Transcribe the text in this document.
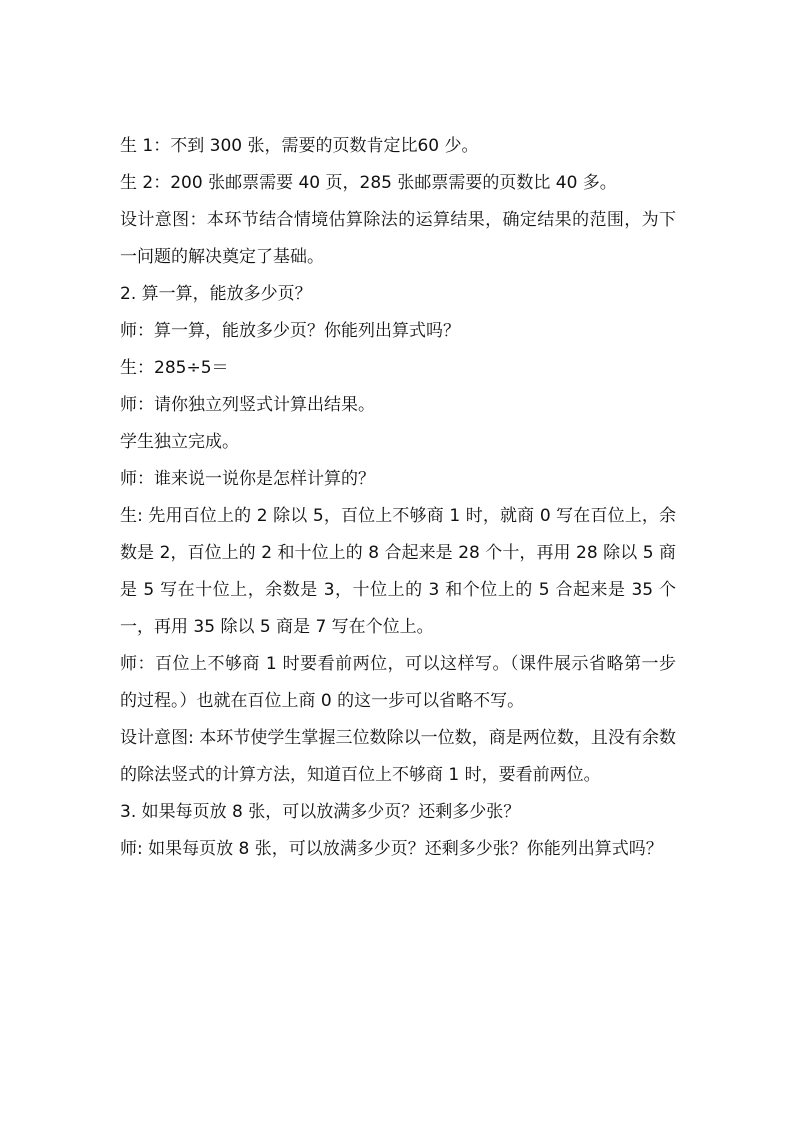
生 1：不到 300 张，需要的页数肯定比60 少。

生 2：200 张邮票需要 40 页，285 张邮票需要的页数比 40 多。

设计意图：本环节结合情境估算除法的运算结果，确定结果的范围，为下一问题的解决奠定了基础。

2. 算一算，能放多少页？

师：算一算，能放多少页？你能列出算式吗？

生：285÷5＝

师：请你独立列竖式计算出结果。

学生独立完成。

师：谁来说一说你是怎样计算的？

生: 先用百位上的 2 除以 5，百位上不够商 1 时，就商 0 写在百位上，余数是 2，百位上的 2 和十位上的 8 合起来是 28 个十，再用 28 除以 5 商是 5 写在十位上，余数是 3，十位上的 3 和个位上的 5 合起来是 35 个一，再用 35 除以 5 商是 7 写在个位上。

师：百位上不够商 1 时要看前两位，可以这样写。（课件展示省略第一步的过程。）也就在百位上商 0 的这一步可以省略不写。

设计意图: 本环节使学生掌握三位数除以一位数，商是两位数，且没有余数的除法竖式的计算方法，知道百位上不够商 1 时，要看前两位。

3. 如果每页放 8 张，可以放满多少页？还剩多少张？

师: 如果每页放 8 张，可以放满多少页？还剩多少张？你能列出算式吗？
